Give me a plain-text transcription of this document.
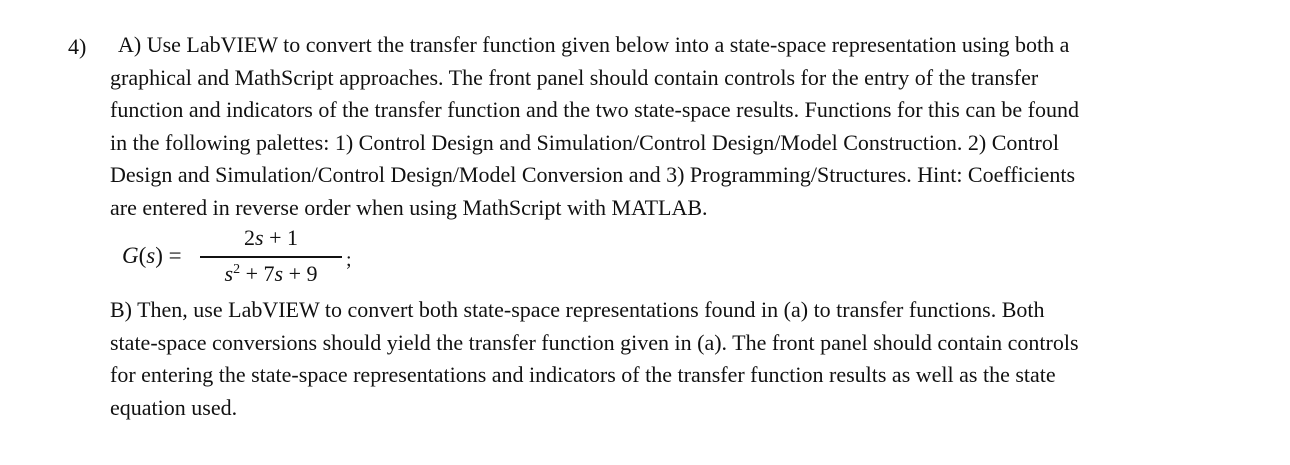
4)	A) Use LabVIEW to convert the transfer function given below into a state-space representation using both a
graphical and MathScript approaches. The front panel should contain controls for the entry of the transfer
function and indicators of the transfer function and the two state-space results. Functions for this can be found
in the following palettes: 1) Control Design and Simulation/Control Design/Model Construction. 2) Control
Design and Simulation/Control Design/Model Conversion and 3) Programming/Structures. Hint: Coefficients
are entered in reverse order when using MathScript with MATLAB.

G(s) =
2s + 1
$s^2 + 7s + 9$
;

B) Then, use LabVIEW to convert both state-space representations found in (a) to transfer functions. Both
state-space conversions should yield the transfer function given in (a). The front panel should contain controls
for entering the state-space representations and indicators of the transfer function results as well as the state
equation used.
